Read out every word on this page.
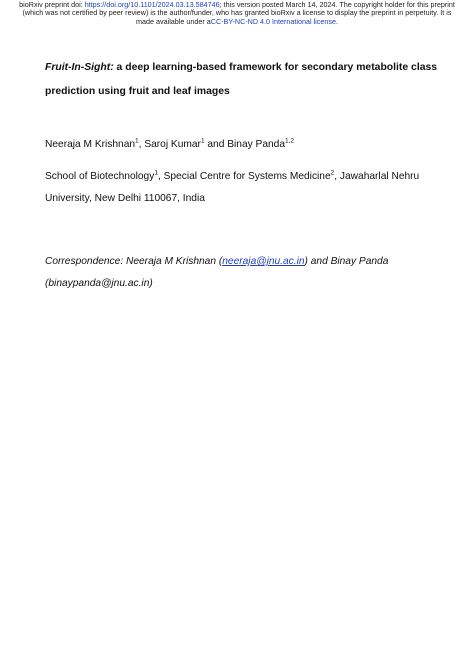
bioRxiv preprint doi: https://doi.org/10.1101/2024.03.13.584746; this version posted March 14, 2024. The copyright holder for this preprint
(which was not certified by peer review) is the author/funder, who has granted bioRxiv a license to display the preprint in perpetuity. It is
made available under aCC-BY-NC-ND 4.0 International license.
Fruit-In-Sight: a deep learning-based framework for secondary metabolite class
prediction using fruit and leaf images
Neeraja M Krishnan$^1$, Saroj Kumar$^1$ and Binay Panda$^{1,2}$
School of Biotechnology$^1$, Special Centre for Systems Medicine$^2$, Jawaharlal Nehru
University, New Delhi 110067, India
Correspondence: Neeraja M Krishnan (neeraja@jnu.ac.in) and Binay Panda
(binaypanda@jnu.ac.in)
